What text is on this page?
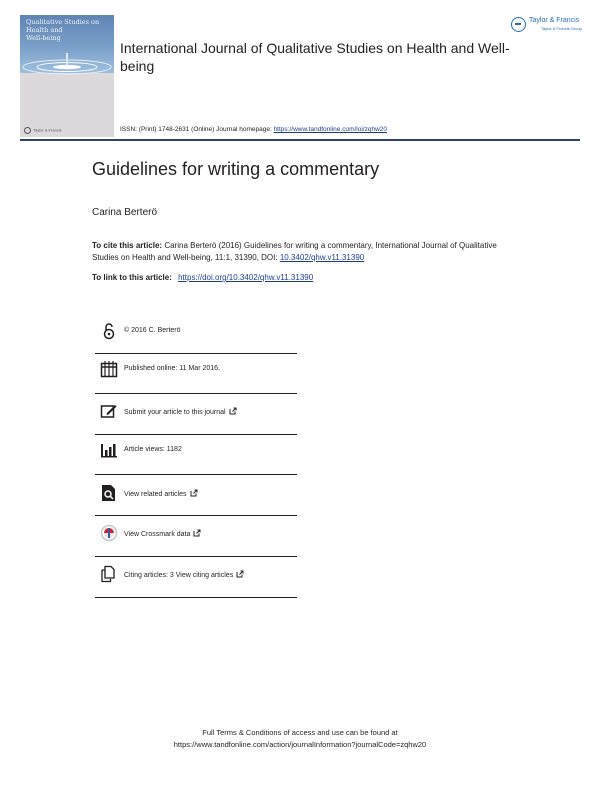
Qualitative Studies on
Health and
Well-being
Taylor & Francis
International Journal of Qualitative Studies on Health and Well-being
Taylor & Francis
Taylor & Francis Group
ISSN: (Print) 1748-2631 (Online) Journal homepage: https://www.tandfonline.com/loi/zqhw20
Guidelines for writing a commentary
Carina Berterö
To cite this article: Carina Berterö (2016) Guidelines for writing a commentary, International Journal of Qualitative Studies on Health and Well-being, 11:1, 31390, DOI: 10.3402/qhw.v11.31390
To link to this article: https://doi.org/10.3402/qhw.v11.31390
© 2016 C. Berterö
Published online: 11 Mar 2016.
Submit your article to this journal
Article views: 1182
View related articles
View Crossmark data
Citing articles: 3 View citing articles
Full Terms & Conditions of access and use can be found at
https://www.tandfonline.com/action/journalInformation?journalCode=zqhw20
